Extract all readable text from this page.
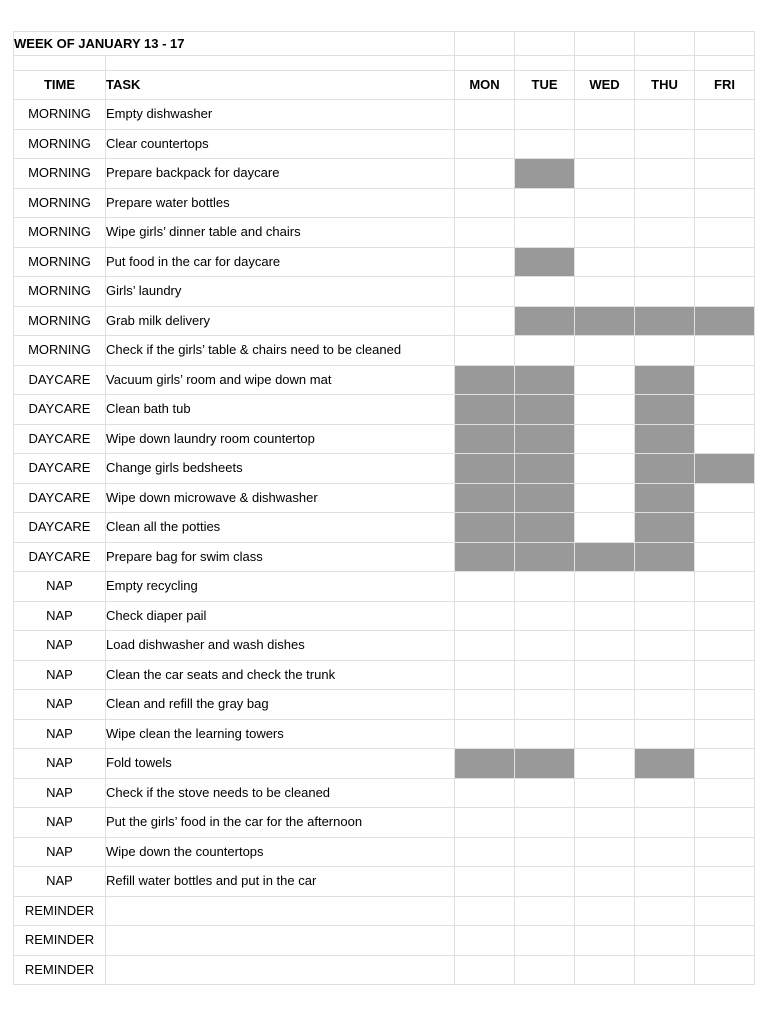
WEEK OF JANUARY 13 - 17						

TIME	TASK	MON	TUE	WED	THU	FRI
MORNING	Empty dishwasher					
MORNING	Clear countertops					
MORNING	Prepare backpack for daycare					
MORNING	Prepare water bottles					
MORNING	Wipe girls’ dinner table and chairs					
MORNING	Put food in the car for daycare					
MORNING	Girls’ laundry					
MORNING	Grab milk delivery					
MORNING	Check if the girls’ table & chairs need to be cleaned					
DAYCARE	Vacuum girls’ room and wipe down mat					
DAYCARE	Clean bath tub					
DAYCARE	Wipe down laundry room countertop					
DAYCARE	Change girls bedsheets					
DAYCARE	Wipe down microwave & dishwasher					
DAYCARE	Clean all the potties					
DAYCARE	Prepare bag for swim class					
NAP	Empty recycling					
NAP	Check diaper pail					
NAP	Load dishwasher and wash dishes					
NAP	Clean the car seats and check the trunk					
NAP	Clean and refill the gray bag					
NAP	Wipe clean the learning towers					
NAP	Fold towels					
NAP	Check if the stove needs to be cleaned					
NAP	Put the girls’ food in the car for the afternoon					
NAP	Wipe down the countertops					
NAP	Refill water bottles and put in the car					
REMINDER						
REMINDER						
REMINDER						
